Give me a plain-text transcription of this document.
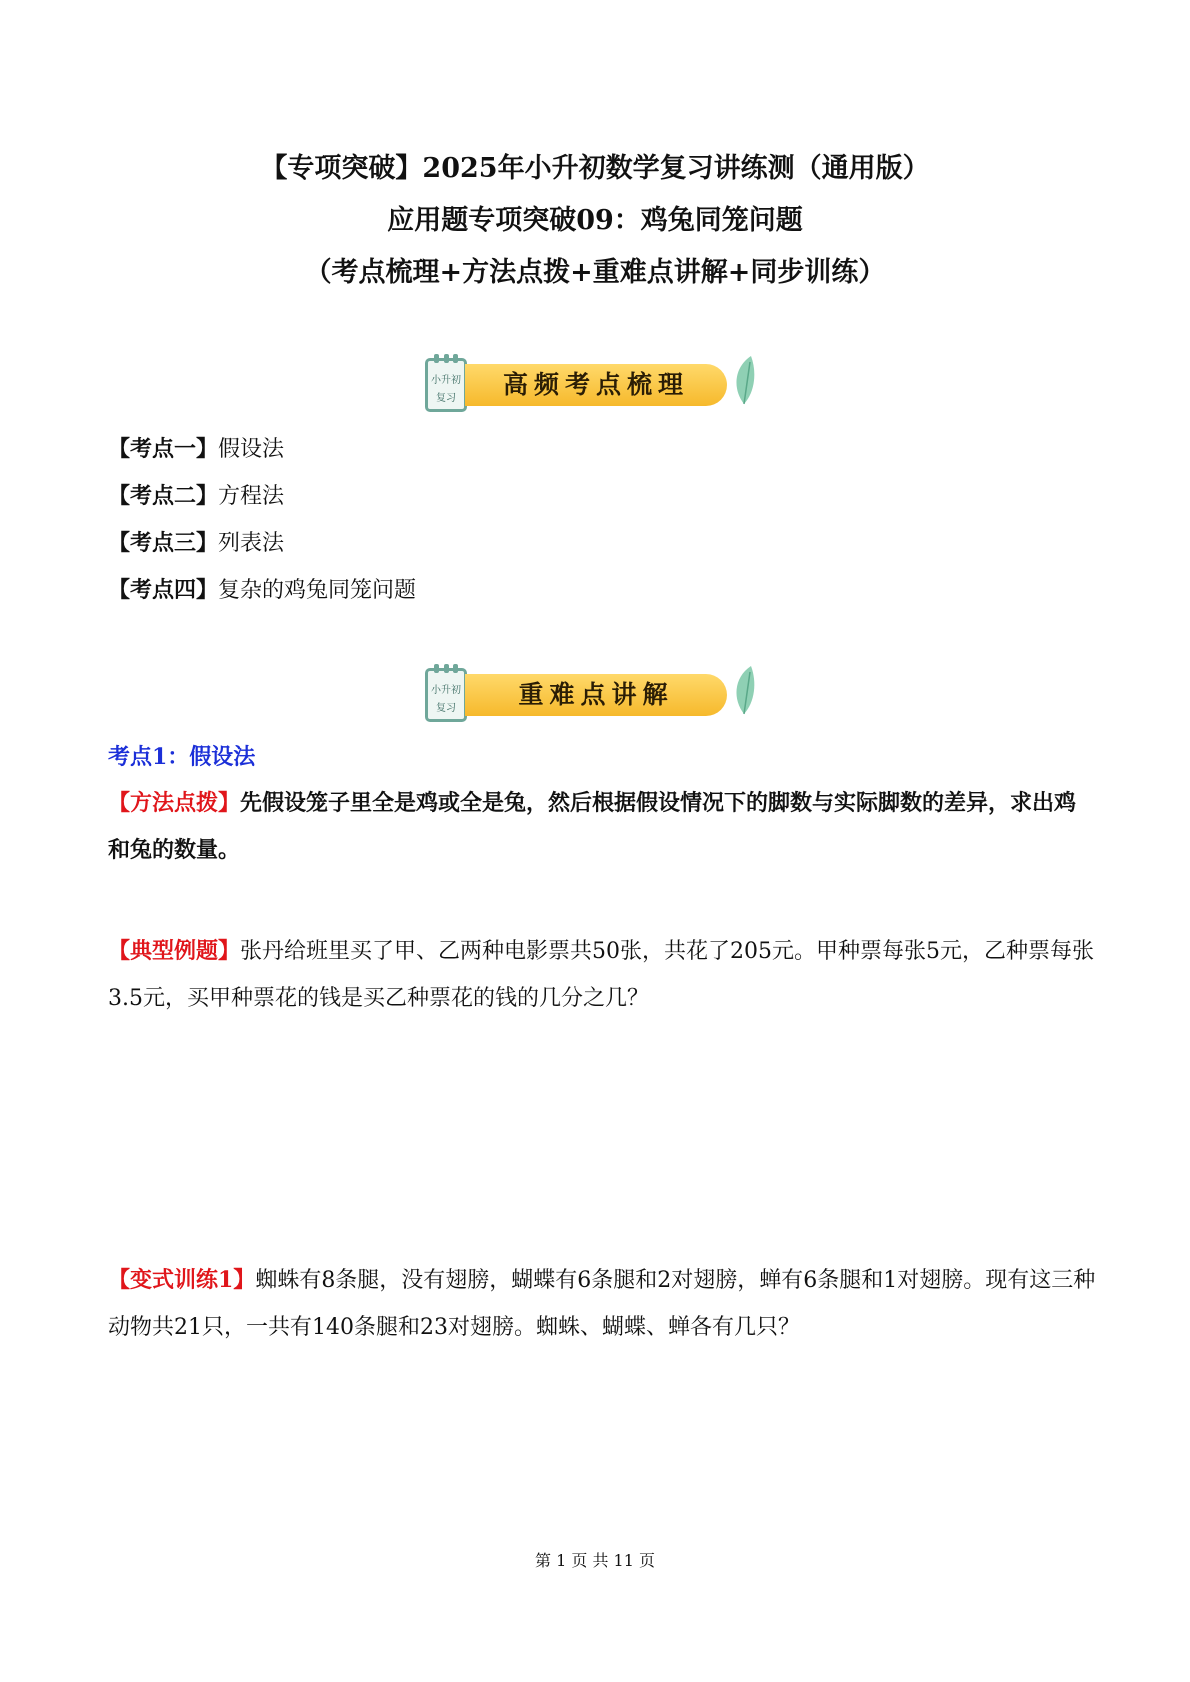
【专项突破】2025年小升初数学复习讲练测（通用版）
应用题专项突破09：鸡兔同笼问题
（考点梳理+方法点拨+重难点讲解+同步训练）
小升初
复习	高频考点梳理
【考点一】假设法
【考点二】方程法
【考点三】列表法
【考点四】复杂的鸡兔同笼问题
小升初
复习	重难点讲解
考点1：假设法
【方法点拨】先假设笼子里全是鸡或全是兔，然后根据假设情况下的脚数与实际脚数的差异，求出鸡和兔的数量。
【典型例题】张丹给班里买了甲、乙两种电影票共50张，共花了205元。甲种票每张5元，乙种票每张3.5元，买甲种票花的钱是买乙种票花的钱的几分之几？
【变式训练1】蜘蛛有8条腿，没有翅膀，蝴蝶有6条腿和2对翅膀，蝉有6条腿和1对翅膀。现有这三种动物共21只，一共有140条腿和23对翅膀。蜘蛛、蝴蝶、蝉各有几只？
第 1 页 共 11 页
